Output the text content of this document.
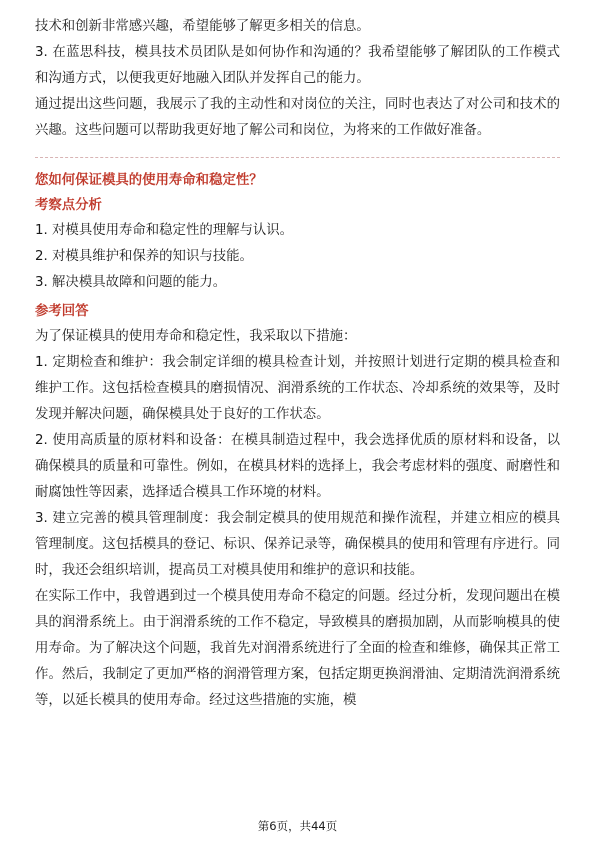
技术和创新非常感兴趣，希望能够了解更多相关的信息。

3. 在蓝思科技，模具技术员团队是如何协作和沟通的？我希望能够了解团队的工作模式和沟通方式，以便我更好地融入团队并发挥自己的能力。

通过提出这些问题，我展示了我的主动性和对岗位的关注，同时也表达了对公司和技术的兴趣。这些问题可以帮助我更好地了解公司和岗位，为将来的工作做好准备。

您如何保证模具的使用寿命和稳定性？

考察点分析

1. 对模具使用寿命和稳定性的理解与认识。

2. 对模具维护和保养的知识与技能。

3. 解决模具故障和问题的能力。

参考回答

为了保证模具的使用寿命和稳定性，我采取以下措施：

1. 定期检查和维护：我会制定详细的模具检查计划，并按照计划进行定期的模具检查和维护工作。这包括检查模具的磨损情况、润滑系统的工作状态、冷却系统的效果等，及时发现并解决问题，确保模具处于良好的工作状态。

2. 使用高质量的原材料和设备：在模具制造过程中，我会选择优质的原材料和设备，以确保模具的质量和可靠性。例如，在模具材料的选择上，我会考虑材料的强度、耐磨性和耐腐蚀性等因素，选择适合模具工作环境的材料。

3. 建立完善的模具管理制度：我会制定模具的使用规范和操作流程，并建立相应的模具管理制度。这包括模具的登记、标识、保养记录等，确保模具的使用和管理有序进行。同时，我还会组织培训，提高员工对模具使用和维护的意识和技能。

在实际工作中，我曾遇到过一个模具使用寿命不稳定的问题。经过分析，发现问题出在模具的润滑系统上。由于润滑系统的工作不稳定，导致模具的磨损加剧，从而影响模具的使用寿命。为了解决这个问题，我首先对润滑系统进行了全面的检查和维修，确保其正常工作。然后，我制定了更加严格的润滑管理方案，包括定期更换润滑油、定期清洗润滑系统等，以延长模具的使用寿命。经过这些措施的实施，模

第6页，共44页
